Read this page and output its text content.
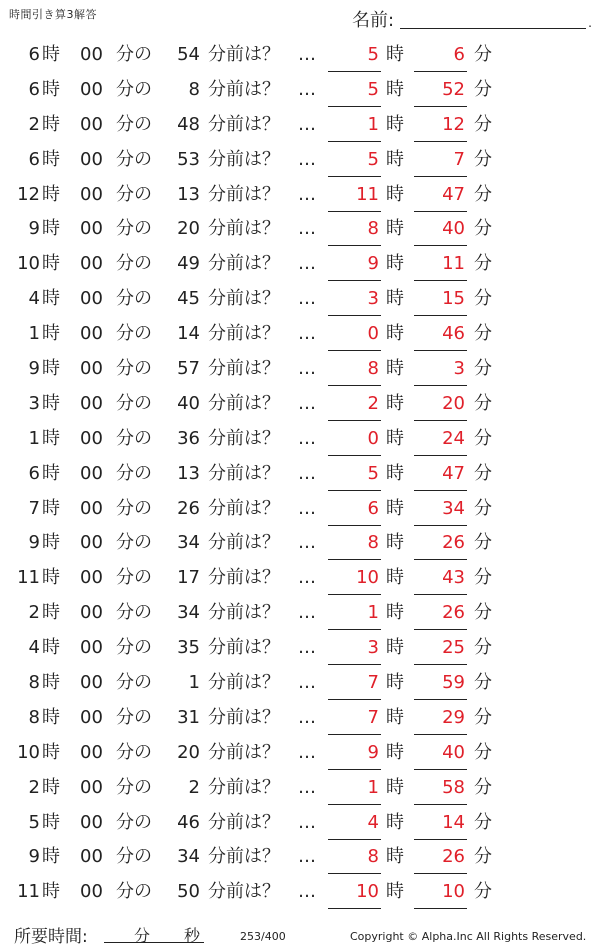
時間引き算3解答	名前:	.
6 時 00 分の 54 分前は？ …	5 時	6 分
6 時 00 分の 8 分前は？ …	5 時 52 分
2 時 00 分の 48 分前は？ …	1 時 12 分
6 時 00 分の 53 分前は？ …	5 時	7 分
12 時 00 分の 13 分前は？ … 11 時 47 分
9 時 00 分の 20 分前は？ …	8 時 40 分
10 時 00 分の 49 分前は？ …	9 時 11 分
4 時 00 分の 45 分前は？ …	3 時 15 分
1 時 00 分の 14 分前は？ …	0 時 46 分
9 時 00 分の 57 分前は？ …	8 時	3 分
3 時 00 分の 40 分前は？ …	2 時 20 分
1 時 00 分の 36 分前は？ …	0 時 24 分
6 時 00 分の 13 分前は？ …	5 時 47 分
7 時 00 分の 26 分前は？ …	6 時 34 分
9 時 00 分の 34 分前は？ …	8 時 26 分
11 時 00 分の 17 分前は？ … 10 時 43 分
2 時 00 分の 34 分前は？ …	1 時 26 分
4 時 00 分の 35 分前は？ …	3 時 25 分
8 時 00 分の 1 分前は？ …	7 時 59 分
8 時 00 分の 31 分前は？ …	7 時 29 分
10 時 00 分の 20 分前は？ …	9 時 40 分
2 時 00 分の 2 分前は？ …	1 時 58 分
5 時 00 分の 46 分前は？ …	4 時 14 分
9 時 00 分の 34 分前は？ …	8 時 26 分
11 時 00 分の 50 分前は？ … 10 時 10 分
所要時間:	分 秒	253/400	Copyright © Alpha.Inc All Rights Reserved.
